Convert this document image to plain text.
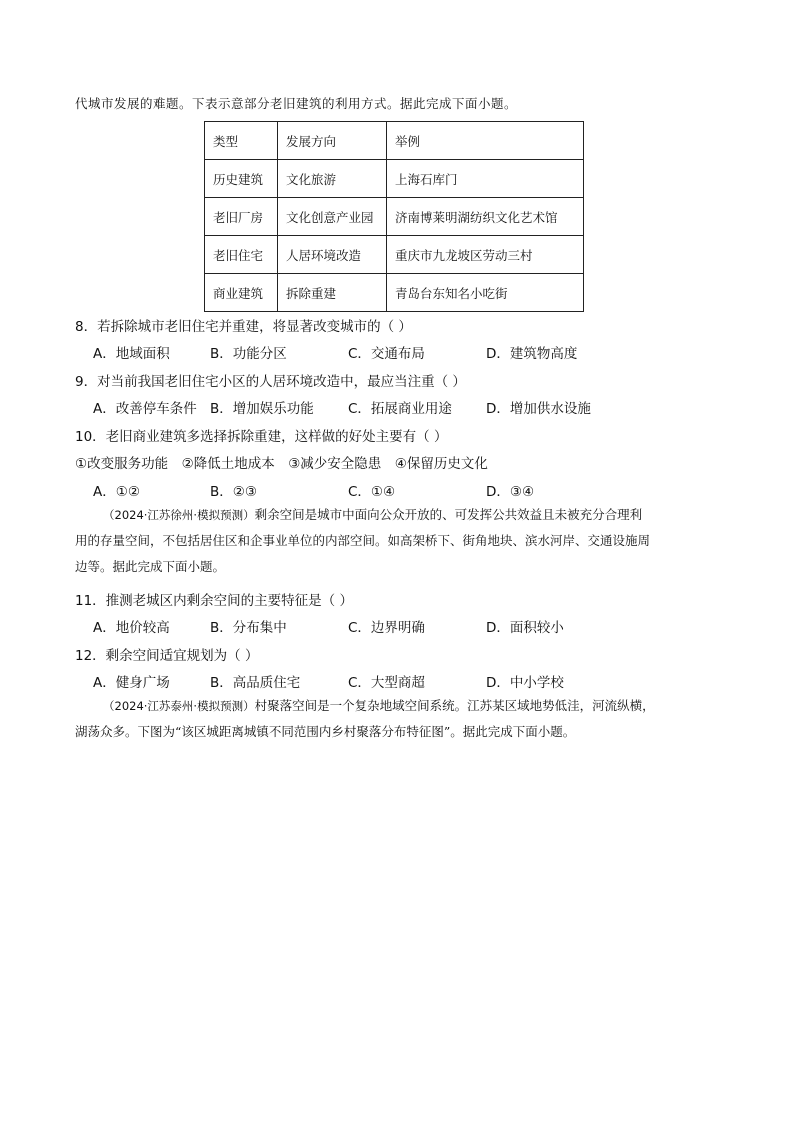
代城市发展的难题。下表示意部分老旧建筑的利用方式。据此完成下面小题。
类型	发展方向	举例
历史建筑	文化旅游	上海石库门
老旧厂房	文化创意产业园	济南博莱明湖纺织文化艺术馆
老旧住宅	人居环境改造	重庆市九龙坡区劳动三村
商业建筑	拆除重建	青岛台东知名小吃街
8．若拆除城市老旧住宅并重建，将显著改变城市的（ ）
A．地域面积	B．功能分区	C．交通布局	D．建筑物高度
9．对当前我国老旧住宅小区的人居环境改造中，最应当注重（ ）
A．改善停车条件 B．增加娱乐功能	C．拓展商业用途	D．增加供水设施
10．老旧商业建筑多选择拆除重建，这样做的好处主要有（ ）
①改变服务功能　②降低土地成本　③减少安全隐患　④保留历史文化
A．①②	B．②③	C．①④	D．③④
（2024·江苏徐州·模拟预测）剩余空间是城市中面向公众开放的、可发挥公共效益且未被充分合理利
用的存量空间，不包括居住区和企事业单位的内部空间。如高架桥下、街角地块、滨水河岸、交通设施周
边等。据此完成下面小题。
11．推测老城区内剩余空间的主要特征是（ ）
A．地价较高	B．分布集中	C．边界明确	D．面积较小
12．剩余空间适宜规划为（ ）
A．健身广场	B．高品质住宅	C．大型商超	D．中小学校
（2024·江苏泰州·模拟预测）村聚落空间是一个复杂地域空间系统。江苏某区域地势低洼，河流纵横，
湖荡众多。下图为“该区城距离城镇不同范围内乡村聚落分布特征图”。据此完成下面小题。
